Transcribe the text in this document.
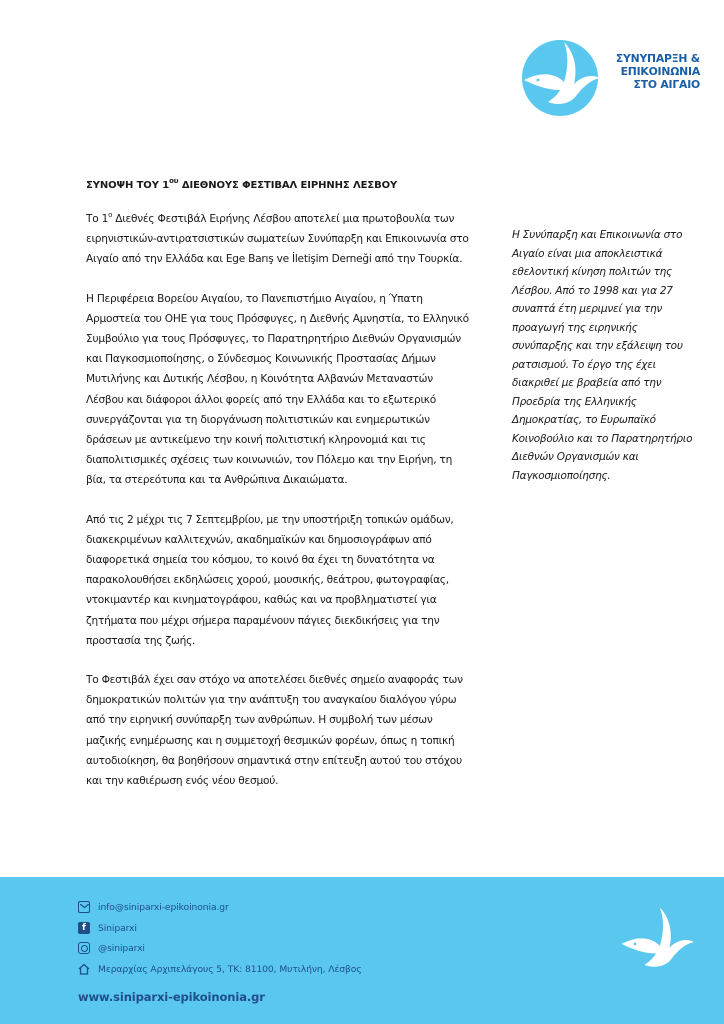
ΣΥΝΥΠΑΡΞΗ &
ΕΠΙΚΟΙΝΩΝΙΑ
ΣΤΟ ΑΙΓΑΙΟ
ΣΥΝΟΨΗ ΤΟΥ $1^{o\upsilon}$ ΔΙΕΘΝΟΥΣ ΦΕΣΤΙΒΑΛ ΕΙΡΗΝΗΣ ΛΕΣΒΟΥ

Το $1^o$ Διεθνές Φεστιβάλ Ειρήνης Λέσβου αποτελεί μια πρωτοβουλία των ειρηνιστικών-αντιρατσιστικών σωματείων Συνύπαρξη και Επικοινωνία στο Αιγαίο από την Ελλάδα και Ege Barış ve İletişim Derneği από την Τουρκία.

Η Περιφέρεια Βορείου Αιγαίου, το Πανεπιστήμιο Αιγαίου, η Ύπατη Αρμοστεία του ΟΗΕ για τους Πρόσφυγες, η Διεθνής Αμνηστία, το Ελληνικό Συμβούλιο για τους Πρόσφυγες, το Παρατηρητήριο Διεθνών Οργανισμών και Παγκοσμιοποίησης, ο Σύνδεσμος Κοινωνικής Προστασίας Δήμων Μυτιλήνης και Δυτικής Λέσβου, η Κοινότητα Αλβανών Μεταναστών Λέσβου και διάφοροι άλλοι φορείς από την Ελλάδα και το εξωτερικό συνεργάζονται για τη διοργάνωση πολιτιστικών και ενημερωτικών δράσεων με αντικείμενο την κοινή πολιτιστική κληρονομιά και τις διαπολιτισμικές σχέσεις των κοινωνιών, τον Πόλεμο και την Ειρήνη, τη βία, τα στερεότυπα και τα Ανθρώπινα Δικαιώματα.

Από τις 2 μέχρι τις 7 Σεπτεμβρίου, με την υποστήριξη τοπικών ομάδων, διακεκριμένων καλλιτεχνών, ακαδημαϊκών και δημοσιογράφων από διαφορετικά σημεία του κόσμου, το κοινό θα έχει τη δυνατότητα να παρακολουθήσει εκδηλώσεις χορού, μουσικής, θεάτρου, φωτογραφίας, ντοκιμαντέρ και κινηματογράφου, καθώς και να προβληματιστεί για ζητήματα που μέχρι σήμερα παραμένουν πάγιες διεκδικήσεις για την προστασία της ζωής.

Το Φεστιβάλ έχει σαν στόχο να αποτελέσει διεθνές σημείο αναφοράς των δημοκρατικών πολιτών για την ανάπτυξη του αναγκαίου διαλόγου γύρω από την ειρηνική συνύπαρξη των ανθρώπων. Η συμβολή των μέσων μαζικής ενημέρωσης και η συμμετοχή θεσμικών φορέων, όπως η τοπική αυτοδιοίκηση, θα βοηθήσουν σημαντικά στην επίτευξη αυτού του στόχου και την καθιέρωση ενός νέου θεσμού.

Η Συνύπαρξη και Επικοινωνία στο Αιγαίο είναι μια αποκλειστικά εθελοντική κίνηση πολιτών της Λέσβου. Από το 1998 και για 27 συναπτά έτη μεριμνεί για την προαγωγή της ειρηνικής συνύπαρξης και την εξάλειψη του ρατσισμού. Το έργο της έχει διακριθεί με βραβεία από την Προεδρία της Ελληνικής Δημοκρατίας, το Ευρωπαϊκό Κοινοβούλιο και το Παρατηρητήριο Διεθνών Οργανισμών και Παγκοσμιοποίησης.
info@siniparxi-epikoinonia.gr
f	Siniparxi
@siniparxi
Μεραρχίας Αρχιπελάγους 5, ΤΚ: 81100, Μυτιλήνη, Λέσβος
www.siniparxi-epikoinonia.gr
